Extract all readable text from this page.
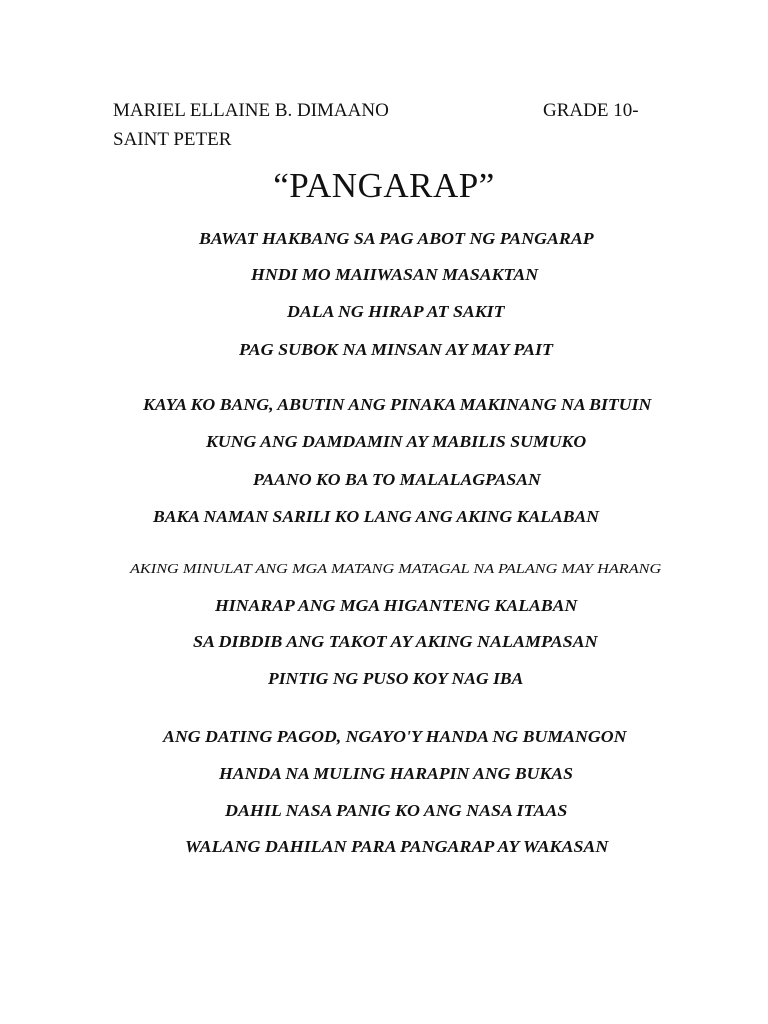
MARIEL ELLAINE B. DIMAANO	GRADE 10-
SAINT PETER
“PANGARAP”
BAWAT HAKBANG SA PAG ABOT NG PANGARAP
HNDI MO MAIIWASAN MASAKTAN
DALA NG HIRAP AT SAKIT
PAG SUBOK NA MINSAN AY MAY PAIT
KAYA KO BANG, ABUTIN ANG PINAKA MAKINANG NA BITUIN
KUNG ANG DAMDAMIN AY MABILIS SUMUKO
PAANO KO BA TO MALALAGPASAN
BAKA NAMAN SARILI KO LANG ANG AKING KALABAN
AKING MINULAT ANG MGA MATANG MATAGAL NA PALANG MAY HARANG
HINARAP ANG MGA HIGANTENG KALABAN
SA DIBDIB ANG TAKOT AY AKING NALAMPASAN
PINTIG NG PUSO KOY NAG IBA
ANG DATING PAGOD, NGAYO'Y HANDA NG BUMANGON
HANDA NA MULING HARAPIN ANG BUKAS
DAHIL NASA PANIG KO ANG NASA ITAAS
WALANG DAHILAN PARA PANGARAP AY WAKASAN
